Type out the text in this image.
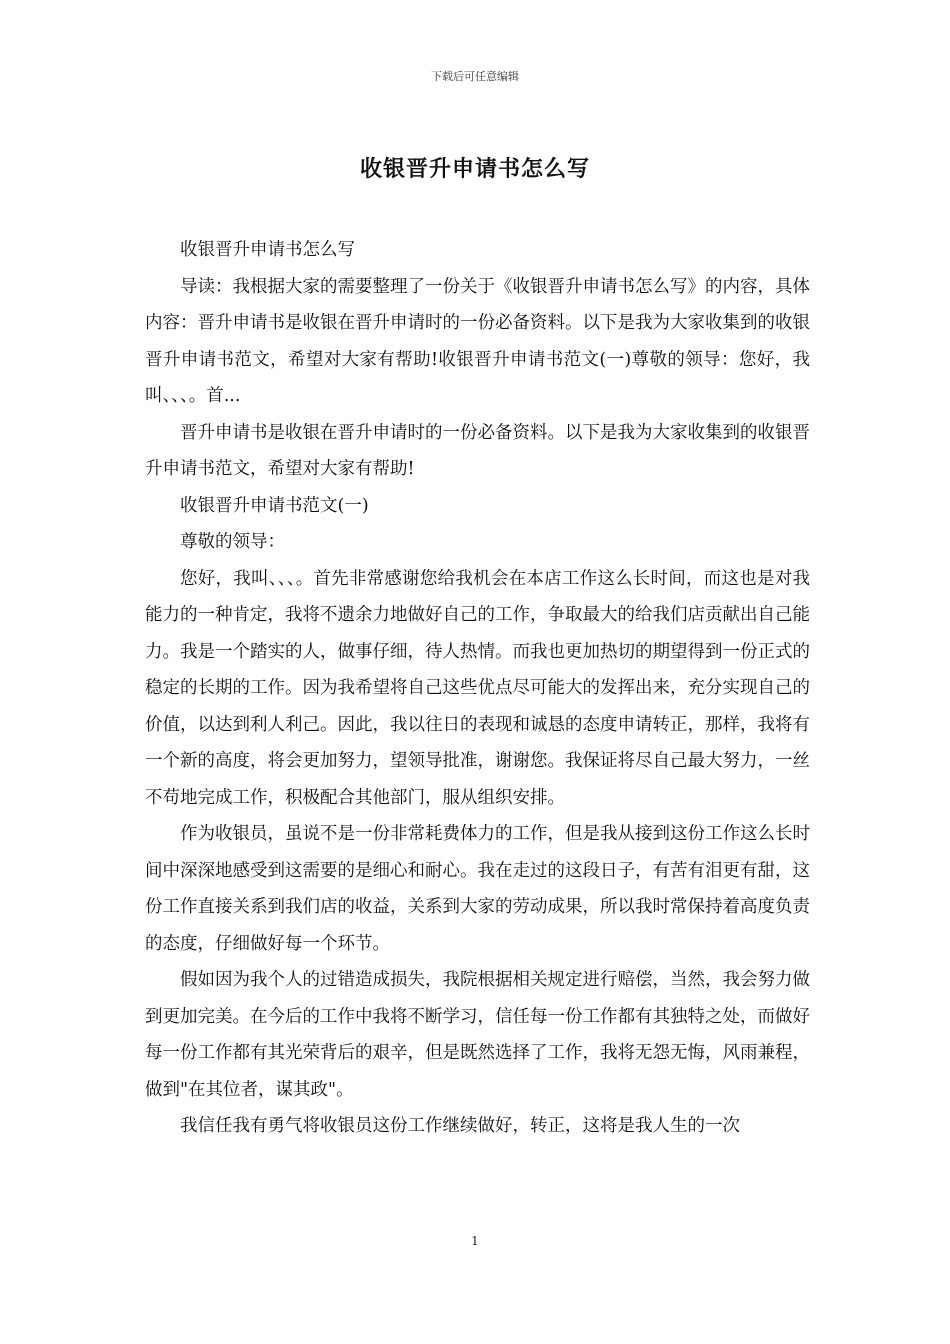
下载后可任意编辑
收银晋升申请书怎么写

收银晋升申请书怎么写

导读：我根据大家的需要整理了一份关于《收银晋升申请书怎么写》的内容，具体内容：晋升申请书是收银在晋升申请时的一份必备资料。以下是我为大家收集到的收银晋升申请书范文，希望对大家有帮助!收银晋升申请书范文(一)尊敬的领导：您好，我叫、、、。首...

晋升申请书是收银在晋升申请时的一份必备资料。以下是我为大家收集到的收银晋升申请书范文，希望对大家有帮助!

收银晋升申请书范文(一)

尊敬的领导：

您好，我叫、、、。首先非常感谢您给我机会在本店工作这么长时间，而这也是对我能力的一种肯定，我将不遗余力地做好自己的工作，争取最大的给我们店贡献出自己能力。我是一个踏实的人，做事仔细，待人热情。而我也更加热切的期望得到一份正式的稳定的长期的工作。因为我希望将自己这些优点尽可能大的发挥出来，充分实现自己的价值，以达到利人利己。因此，我以往日的表现和诚恳的态度申请转正，那样，我将有一个新的高度，将会更加努力，望领导批准，谢谢您。我保证将尽自己最大努力，一丝不苟地完成工作，积极配合其他部门，服从组织安排。

作为收银员，虽说不是一份非常耗费体力的工作，但是我从接到这份工作这么长时间中深深地感受到这需要的是细心和耐心。我在走过的这段日子，有苦有泪更有甜，这份工作直接关系到我们店的收益，关系到大家的劳动成果，所以我时常保持着高度负责的态度，仔细做好每一个环节。

假如因为我个人的过错造成损失，我院根据相关规定进行赔偿，当然，我会努力做到更加完美。在今后的工作中我将不断学习，信任每一份工作都有其独特之处，而做好每一份工作都有其光荣背后的艰辛，但是既然选择了工作，我将无怨无悔，风雨兼程，做到"在其位者，谋其政"。

我信任我有勇气将收银员这份工作继续做好，转正，这将是我人生的一次

1
